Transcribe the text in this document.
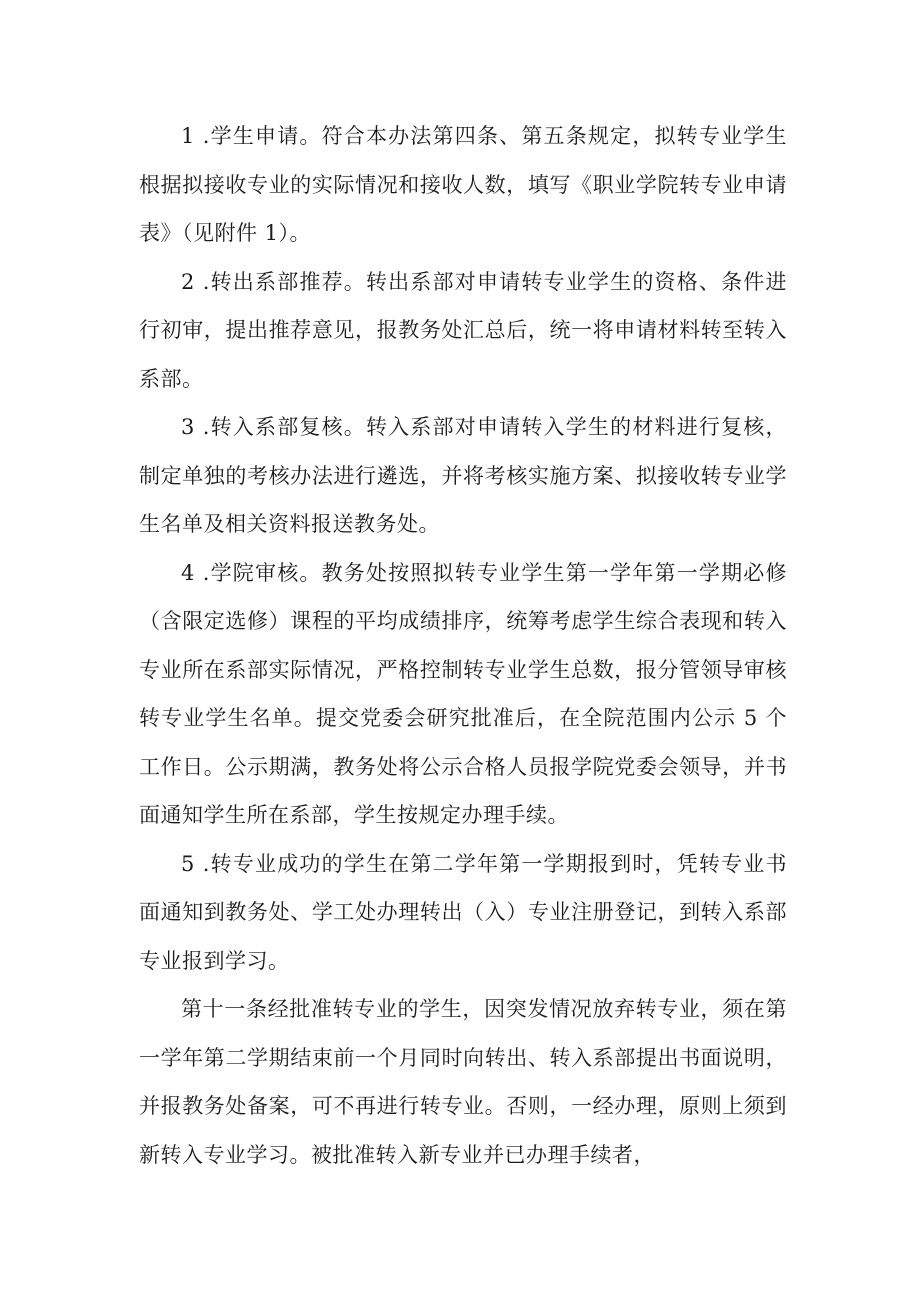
1 .学生申请。符合本办法第四条、第五条规定，拟转专业学生根据拟接收专业的实际情况和接收人数，填写《职业学院转专业申请表》（见附件 1）。

2 .转出系部推荐。转出系部对申请转专业学生的资格、条件进行初审，提出推荐意见，报教务处汇总后，统一将申请材料转至转入系部。

3 .转入系部复核。转入系部对申请转入学生的材料进行复核，制定单独的考核办法进行遴选，并将考核实施方案、拟接收转专业学生名单及相关资料报送教务处。

4 .学院审核。教务处按照拟转专业学生第一学年第一学期必修（含限定选修）课程的平均成绩排序，统筹考虑学生综合表现和转入专业所在系部实际情况，严格控制转专业学生总数，报分管领导审核转专业学生名单。提交党委会研究批准后，在全院范围内公示 5 个工作日。公示期满，教务处将公示合格人员报学院党委会领导，并书面通知学生所在系部，学生按规定办理手续。

5 .转专业成功的学生在第二学年第一学期报到时，凭转专业书面通知到教务处、学工处办理转出（入）专业注册登记，到转入系部专业报到学习。

第十一条经批准转专业的学生，因突发情况放弃转专业，须在第一学年第二学期结束前一个月同时向转出、转入系部提出书面说明，并报教务处备案，可不再进行转专业。否则，一经办理，原则上须到新转入专业学习。被批准转入新专业并已办理手续者，
